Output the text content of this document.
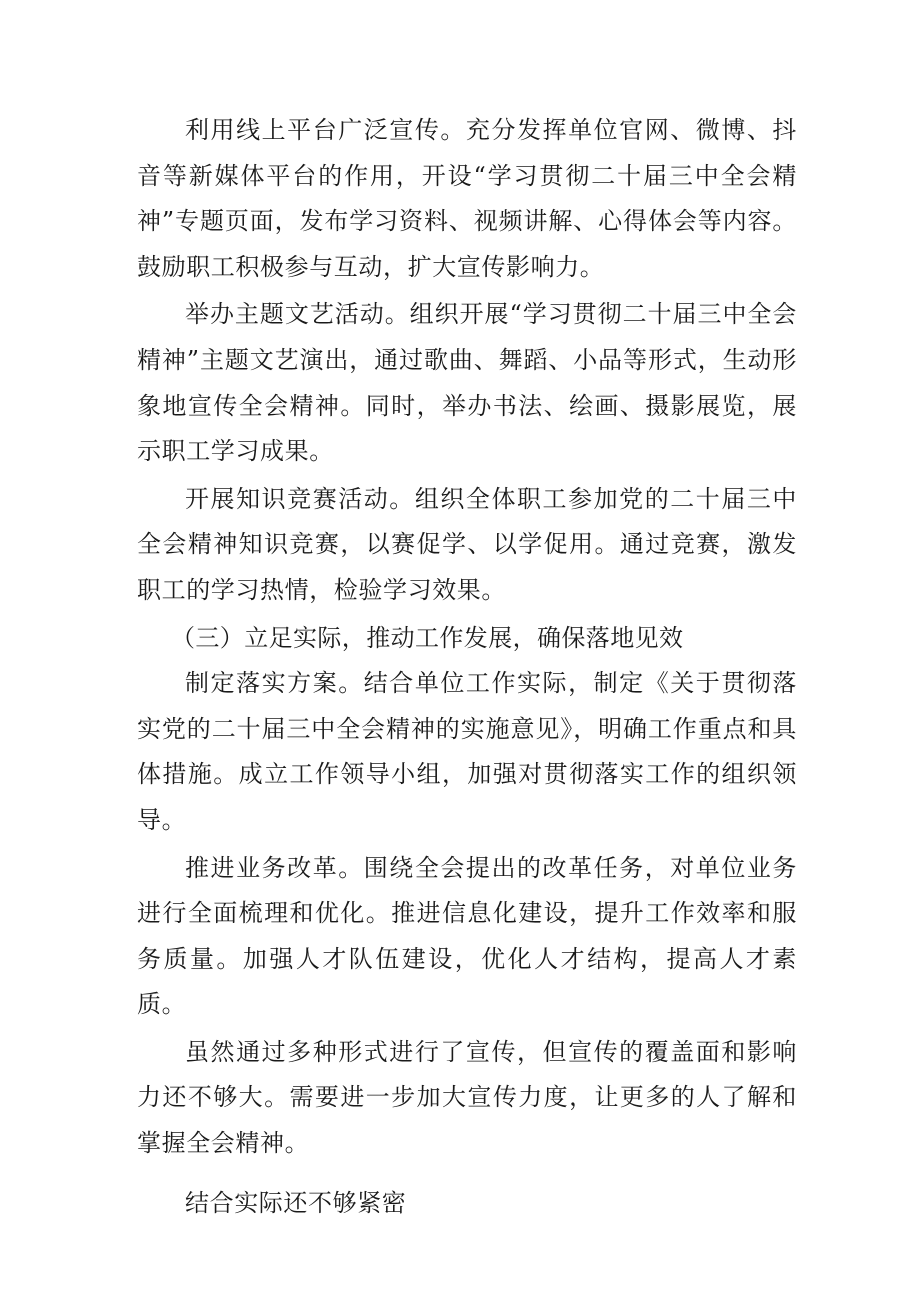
利用线上平台广泛宣传。充分发挥单位官网、微博、抖音等新媒体平台的作用，开设“学习贯彻二十届三中全会精神”专题页面，发布学习资料、视频讲解、心得体会等内容。鼓励职工积极参与互动，扩大宣传影响力。

举办主题文艺活动。组织开展“学习贯彻二十届三中全会精神”主题文艺演出，通过歌曲、舞蹈、小品等形式，生动形象地宣传全会精神。同时，举办书法、绘画、摄影展览，展示职工学习成果。

开展知识竞赛活动。组织全体职工参加党的二十届三中全会精神知识竞赛，以赛促学、以学促用。通过竞赛，激发职工的学习热情，检验学习效果。

（三）立足实际，推动工作发展，确保落地见效

制定落实方案。结合单位工作实际，制定《关于贯彻落实党的二十届三中全会精神的实施意见》，明确工作重点和具体措施。成立工作领导小组，加强对贯彻落实工作的组织领导。

推进业务改革。围绕全会提出的改革任务，对单位业务进行全面梳理和优化。推进信息化建设，提升工作效率和服务质量。加强人才队伍建设，优化人才结构，提高人才素质。

虽然通过多种形式进行了宣传，但宣传的覆盖面和影响力还不够大。需要进一步加大宣传力度，让更多的人了解和掌握全会精神。

结合实际还不够紧密
